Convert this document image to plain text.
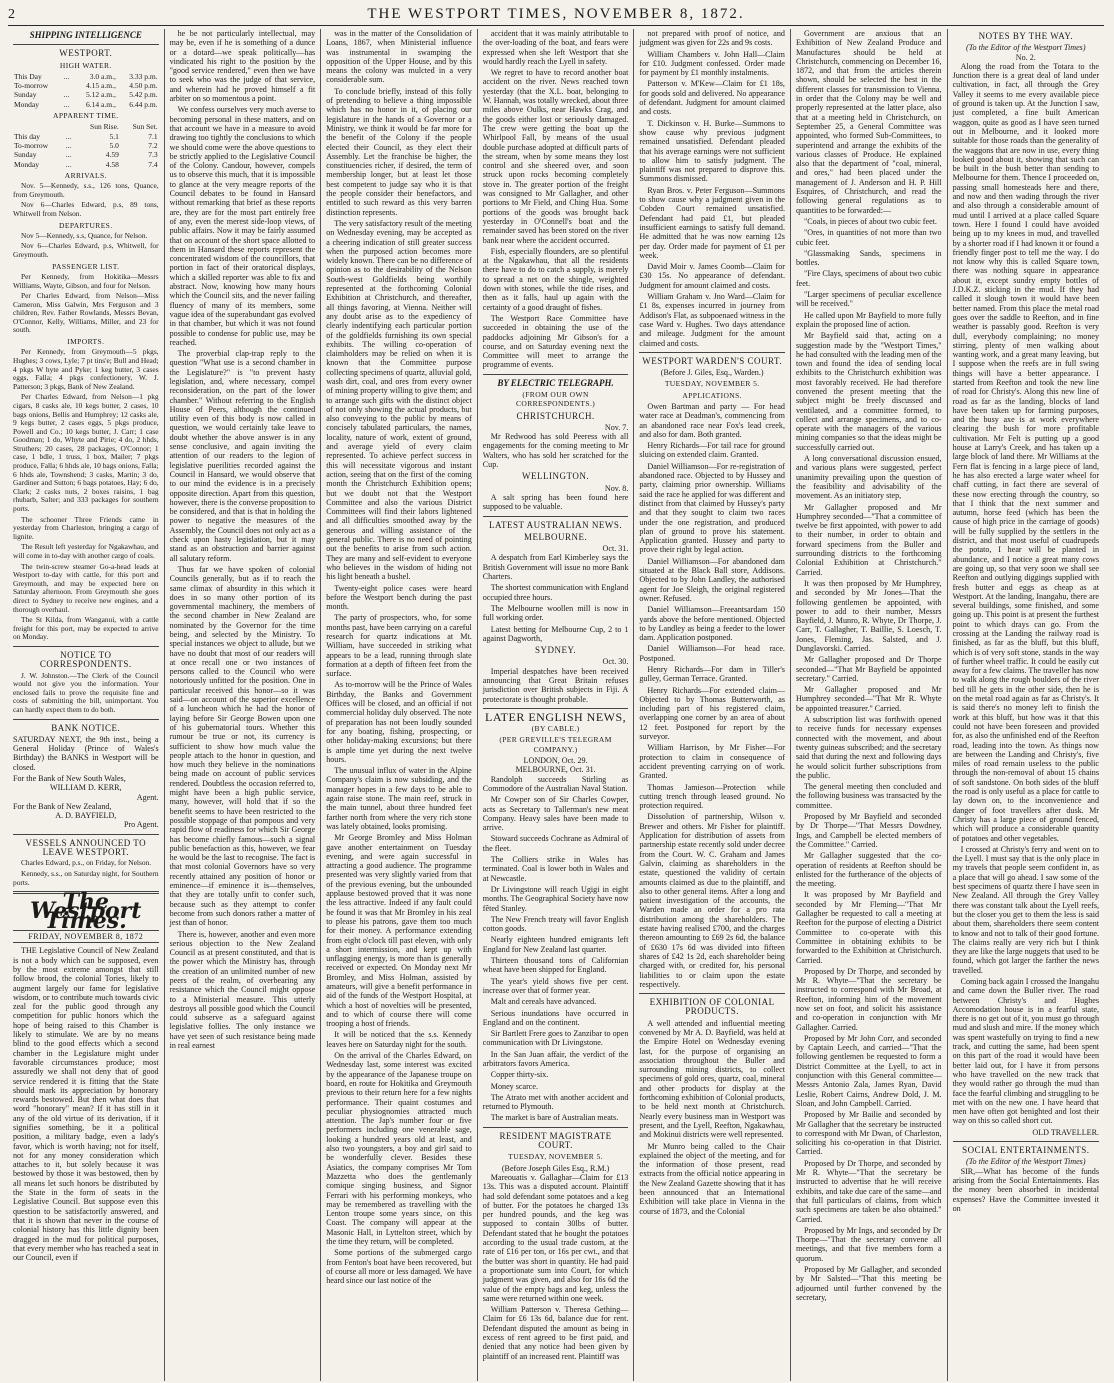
2	THE WESTPORT TIMES, NOVEMBER 8, 1872.
SHIPPING INTELLIGENCE
WESTPORT.
HIGH WATER.
This Day	...	3.0 a.m.,	3.33 p.m.
To-morrow		4.15 a.m.,	4.50 p.m.
Sunday	...	5.12 a.m.,	5.42 p.m.
Monday	...	6.14 a.m.,	6.44 p.m.
APPARENT TIME.
		Sun Rise.	Sun Set.
This day	...	5.1	7.1
To-morrow	...	5.0	7.2
Sunday	...	4.59	7.3
Monday	...	4.58	7.4
ARRIVALS.

Nov. 5—Kennedy, s.s., 126 tons, Quance, from Greymouth.

Nov 6—Charles Edward, p.s, 89 tons, Whitwell from Nelson.

DEPARTURES.

Nov 5—Kennedy, s.s, Quance, for Nelson.

Nov 6—Charles Edward, p.s, Whitwell, for Greymouth.

PASSENGER LIST.

Per Kennedy, from Hokitika—Messrs Williams, Wayte, Gibson, and four for Nelson.

Per Charles Edward, from Nelson—Miss Cameron, Miss Galwin, Mrs Ferguson and 3 children, Rev. Father Rowlands, Messrs Bevan, O'Connor, Kelly, Williams, Miller, and 23 for south.

IMPORTS.

Per Kennedy, from Greymouth—5 pkgs, Hughes; 3 cows, Lyle; 7 pt tins'e; Bull and Head; 4 pkgs W hyte and Pyke; 1 keg butter, 3 cases eggs, Falla; 4 pkgs confectionery, W. J. Patterson; 3 pkgs, Bank of New Zealand.

Per Charles Edward, from Nelson—1 pkg cigars, 8 casks ale, 10 kegs butter, 2 cases, 10 bags onions, Bellis and Humphrey; 12 casks ale, 9 kegs butter, 2 cases eggs, 5 pkgs produce, Powell and Co.; 10 kegs butter, J. Carr; 1 case Goodman; 1 do, Whyte and Pirie; 4 do, 2 hhds, Struthers; 20 cases, 28 packages, O'Connor; 1 case, 1 bdle, 1 truss, 1 box, Mailer; 7 pkgs produce, Falla; 6 hhds ale, 10 bags onions, Falla; 6 hhds ale, Townshend; 3 casks, Martin; 3 do, Gardiner and Sutton; 6 bags potatoes, Hay; 6 do, Clark; 2 casks nuts, 2 boxes raisins, 1 bag rhubarb, Salter; and 333 packages for southern ports.

The schooner Three Friends came in yesterday from Charleston, bringing a cargo of lignite.

The Result left yesterday for Ngakawhau, and will come in to-day with another cargo of coals.

The twin-screw steamer Go-a-head leads at Westport to-day with cattle, for this port and Greymouth, and may be expected here on Saturday afternoon. From Greymouth she goes direct to Sydney to receive new engines, and a thorough overhaul.

The St Kilda, from Wanganui, with a cattle freight for this port, may be expected to arrive on Monday.

NOTICE TO CORRESPONDENTS.

J. W. Johnston.—The Clerk of the Council would not give you the information. Your enclosed fails to prove the requisite fine and costs of submitting the bill, unimportant. You can hardly expect them to do both.

BANK NOTICE.

SATURDAY NEXT, the 9th inst., being a General Holiday (Prince of Wales's Birthday) the BANKS in Westport will be closed.

For the Bank of New South Wales,
WILLIAM D. KERR,
Agent.
For the Bank of New Zealand,
A. D. BAYFIELD,
Pro Agent.
VESSELS ANNOUNCED TO LEAVE WESTPORT.

Charles Edward, p.s., on Friday, for Nelson.

Kennedy, s.s., on Saturday night, for Southern ports.

The Westport Times.
FRIDAY, NOVEMBER 8, 1872

THE Legislative Council of New Zealand is not a body which can be supposed, even by the most extreme amongst that still follow brood, the colonial Tories, likely to augment largely our fame for legislative wisdom, or to contribute much towards civic zeal for the public good through any competition for public honors which the hope of being raised to this Chamber is likely to stimulate. We are by no means blind to the good effects which a second chamber in the Legislature might under favorable circumstances produce; most assuredly we shall not deny that of good service rendered it is fitting that the State should mark its appreciation by honorary rewards bestowed. But then what does that word "honorary" mean? If it has still in it any of the old virtue of its derivation, if it signifies something, be it a political position, a military badge, even a lady's favor, which is worth having; not for itself, not for any money consideration which attaches to it, but solely because it was bestowed by those it was bestowed, then by all means let such honors be distributed by the State in the form of seats in the Legislative Council. But suppose even this question to be satisfactorily answered, and that it is shown that never in the course of colonial history has this little dignity been dragged in the mud for political purposes, that every member who has reached a seat in our Council, even if

he be not particularly intellectual, may may be, even if he is something of a dunce or a dotard—we speak politically—has vindicated his right to the position by the "good service rendered," even then we have to seek who was the judge of that service, and wherein had he proved himself a fit arbiter on so momentous a point.

We confess ourselves very much averse to becoming personal in these matters, and on that account we have in a measure to avoid drawing too tightly the conclusions to which we should come were the above questions to be strictly applied to the Legislative Council of the Colony. Candour, however, compels us to observe this much, that it is impossible to glance at the very meagre reports of the Council debates to be found in Hansard without remarking that brief as these reports are, they are for the most part entirely free of any, even the merest side-loop views, of public affairs. Now it may be fairly assumed that on account of the short space allotted to them in Hansard these reports represent the concentrated wisdom of the councillors, that portion in fact of their oratorical displays, which a skilled reporter was able to fix and abstract. Now, knowing how many hours which the Council sits, and the never failing fluency of many of its members, some vague idea of the superabundant gas evolved in that chamber, but which it was not found possible to condense for public use, may be reached.

The proverbial clap-trap reply to the question "What use is a second chamber in the Legislature?" is "to prevent hasty legislation, and, where necessary, compel reconsideration, on the part of the lower chamber." Without referring to the English House of Peers, although the continued utility even of this body is now called in question, we would certainly take leave to doubt whether the above answer is in any sense conclusive, and again inviting the attention of our readers to the legion of legislative puerilities recorded against the Council in Hansard, we would observe that to our mind the evidence is in a precisely opposite direction. Apart from this question, however, there is the converse proposition to be considered, and that is that in holding the power to negative the measures of the Assembly, the Council does not only act as a check upon hasty legislation, but it may stand as an obstruction and barrier against all salutary reform.

Thus far we have spoken of colonial Councils generally, but as if to reach the same climax of absurdity in this which it does in so many other portion of its governmental machinery, the members of the second chamber in New Zealand are nominated by the Governor for the time being, and selected by the Ministry. To special instances we object to allude, but we have no doubt that most of our readers will at once recall one or two instances of persons called to the Council who were notoriously unfitted for the position. One in particular received this honor—so it was said—on account of the superior excellence of a luncheon which he had the honor of laying before Sir George Bowen upon one of his gubernatorial tours. Whether this rumour be true or not, its currency is sufficient to show how much value the people attach to the honor in question, and how much they believe in the nominations being made on account of public services rendered. Doubtless the occasion referred to, might have been a high public service, many, however, will hold that if so the benefit seems to have been restricted to the possible stoppage of that pompous and very rapid flow of readiness for which Sir George has become chiefly famous—such a signal public benefaction as this, however, we fear he would be the last to recognise. The fact is that most colonial Governors have so very recently attained any position of honor or eminence—if eminence it is—themselves, that they are totally unfit to confer such, because such as they attempt to confer become from such donors rather a matter of jest than of honor.

There is, however, another and even more serious objection to the New Zealand Council as at present constituted, and that is the power which the Ministry has, through the creation of an unlimited number of new peers of the realm, of overbearing any resistance which the Council might oppose to a Ministerial measure. This utterly destroys all possible good which the Council could subserve as a safeguard against legislative follies. The only instance we have yet seen of such resistance being made in real earnest

was in the matter of the Consolidation of Loans, 1867, when Ministerial influence was instrumental in swamping the opposition of the Upper House, and by this means the colony was mulcted in a very considerable sum.

To conclude briefly, instead of this folly of pretending to believe a thing impossible which has no honor in it, of placing our legislature in the hands of a Governor or a Ministry, we think it would be far more for the benefit of the Colony if the people elected their Council, as they elect their Assembly. Let the franchise be higher, the constituencies richer, if desired, the term of membership longer, but at least let those best competent to judge say who it is that the people consider their benefactors, and entitled to such reward as this very barren distinction represents.

The very satisfactory result of the meeting on Wednesday evening, may be accepted as a cheering indication of still greater success when the purposed action becomes more widely known. There can be no difference of opinion as to the desirability of the Nelson South-west Goldfields being worthily represented at the forthcoming Colonial Exhibition at Christchurch, and thereafter, all things favoring, at Vienna. Neither will any doubt arise as to the expediency of clearly indentifying each particular portion of the goldfields furnishing its own special exhibits. The willing co-operation of claimholders may be relied on when it is known that the Committee purpose collecting specimens of quartz, alluvial gold, wash dirt, coal, and ores from every owner of mining property willing to give them; and to arrange such gifts with the distinct object of not only showing the actual products, but also conveying to the public by means of concisely tabulated particulars, the names, locality, nature of work, extent of ground, and average yield of every claim represented. To achieve perfect success in this will necessitate vigorous and instant action, seeing that on the first of the coming month the Christchurch Exhibition opens; but we doubt not that the Westport Committee and also the various District Committees will find their labors lightened and all difficulties smoothed away by the generous and willing assistance of the general public. There is no need of pointing out the benefits to arise from such action. They are many and self-evident to everyone who believes in the wisdom of hiding not his light beneath a bushel.

Twenty-eight police cases were heard before the Westport bench during the past month.

The party of prospectors, who, for some months past, have been carrying on a careful research for quartz indications at Mt. William, have succeeded in striking what appears to be a lead, running through slate formation at a depth of fifteen feet from the surface.

As to-morrow will be the Prince of Wales Birthday, the Banks and Government Offices will be closed, and an official if not commercial holiday duly observed. The note of preparation has not been loudly sounded for any boating, fishing, prospecting, or other holiday-making excursions; but there is ample time yet during the next twelve hours.

The unusual influx of water in the Alpine Company's claim is now subsiding, and the manager hopes in a few days to be able to again raise stone. The main reef, struck in the main tunnel, about three hundred feet farther north from where the very rich stone was lately obtained, looks promising.

Mr George Bromley and Miss Holman gave another entertainment on Tuesday evening, and were again successful in attracting a good audience. The programme presented was very slightly varied from that of the previous evening, but the unbounded applause bestowed proved that it was none the less attractive. Indeed if any fault could be found it was that Mr Bromley in his zeal to please his patrons, gave them too much for their money. A performance extending from eight o'clock till past eleven, with only a short intermission, and kept up with unflagging energy, is more than is generally received or expected. On Monday next Mr Bromley, and Miss Holman, assisted by amateurs, will give a benefit performance in aid of the funds of the Westport Hospital, at which a host of novelties will be presented, and to which of course there will come trooping a host of friends.

It will be noticed that the s.s. Kennedy leaves here on Saturday night for the south.

On the arrival of the Charles Edward, on Wednesday last, some interest was excited by the appearance of the Japanese troupe on board, en route for Hokitika and Greymouth previous to their return here for a few nights performance. Their quaint costumes and peculiar physiognomies attracted much attention. The Jap's number four or five performers including one venerable sage, looking a hundred years old at least, and also two youngsters, a boy and girl said to be wonderfully clever. Besides these Asiatics, the company comprises Mr Tom Mazzetta who does the gentlemanly comique singing business, and Signor Ferrari with his performing monkeys, who may be remembered as travelling with the Lenton troupe some years since, on this Coast. The company will appear at the Masonic Hall, in Lyttelton street, which by the time they return, will be completed.

Some portions of the submerged cargo from Fenton's boat have been recovered, but of course all more or less damaged. We have heard since our last notice of the

accident that it was mainly attributable to the over-loading of the boat, and fears were expressed when she left Westport that she would hardly reach the Lyell in safety.

We regret to have to record another boat accident on the river. News reached town yesterday (that the X.L. boat, belonging to W. Hannah, was totally wrecked, about three miles above Oulks, near Hawks Crag, and the goods either lost or seriously damaged. The crew were getting the boat up the Whirlpool Fall, by means of the usual double purchase adopted at difficult parts of the stream, when by some means they lost control and she sheered over, and soon struck upon rocks becoming completely stove in. The greater portion of the freight was consigned to Mr Gallagher, and other portions to Mr Field, and Ching Hua. Some portions of the goods was brought back yesterday in O'Connell's boat and the remainder saved has been stored on the river bank near where the accident occurred.

Fish, especially flounders, are so plentiful at the Ngakawhau, that all the residents there have to do to catch a supply, is merely to spread a net on the shingle, weighted down with stones, while the tide rises, and then as it falls, haul up again with the certainty of a good draught of fishes.

The Westport Race Committee have succeeded in obtaining the use of the paddocks adjoining Mr Gibson's for a course, and on Saturday evening next the Committee will meet to arrange the programme of events.

BY ELECTRIC TELEGRAPH.
(FROM OUR OWN CORRESPONDENTS.)
CHRISTCHURCH.
Nov. 7.

Mr Redwood has sold Peeress with all engagements for the coming meeting to Mr Walters, who has sold her scratched for the Cup.

WELLINGTON.
Nov. 8.

A salt spring has been found here supposed to be valuable.

LATEST AUSTRALIAN NEWS.
MELBOURNE.
Oct. 31.

A despatch from Earl Kimberley says the British Government will issue no more Bank Charters.

The shortest communication with England occupied three hours.

The Melbourne woollen mill is now in full working order.

Latest betting for Melbourne Cup, 2 to 1 against Dagworth,

SYDNEY.
Oct. 30.

Imperial despatches have been received announcing that Great Britain refuses jurisdiction over British subjects in Fiji. A protectorate is thought probable.

LATER ENGLISH NEWS,
(BY CABLE.)
(PER GREVILLE'S TELEGRAM COMPANY.)
LONDON, Oct. 29.
MELBOURNE, Oct. 31.

Randolph succeeds Stirling as Commodore of the Australian Naval Station.

Mr Cowper son of Sir Charles Cowper, acts as Secretary to Tallerman's new meat Company. Heavy sales have been made to arrive.

Stoward succeeds Cochrane as Admiral of the fleet.

The Colliers strike in Wales has terminated. Coal is lower both in Wales and at Newcastle.

Dr Livingstone will reach Ugigi in eight months. The Geographical Society have now fêted Stanley.

The New French treaty will favor English cotton goods.

Nearly eighteen hundred emigrants left England for New Zealand last quarter.

Thirteen thousand tons of Californian wheat have been shipped for England.

The year's yield shows five per cent. increase over that of former year.

Malt and cereals have advanced.

Serious inundations have occurred in England and on the continent.

Sir Bartlett Frere goes to Zanzibar to open communication with Dr Livingstone.

In the San Juan affair, the verdict of the arbitrators favors America.

Copper thirty-six.

Money scarce.

The Atrato met with another accident and returned to Plymouth.

The market is bare of Australian meats.

RESIDENT MAGISTRATE COURT.
TUESDAY, NOVEMBER 5.
(Before Joseph Giles Esq., R.M.)

Mareouatis v. Gallaghar—Claim for £13 13s. This was a disputed account. Plaintiff had sold defendant some potatoes and a keg of butter. For the potatoes he charged 13s per hundred pounds, and the keg was supposed to contain 30lbs of butter. Defendant stated that he bought the potatoes according to the usual trade custom, at the rate of £16 per ton, or 16s per cwt., and that the butter was short in quantity. He had paid a proportionate sum into Court, for which judgment was given, and also for 16s 6d the value of the empty bags and keg, unless the same were returned within one week.

William Patterson v. Theresa Gething—Claim for £6 13s 6d, balance due for rent. Defendant disputed the amount as being in excess of rent agreed to be first paid, and denied that any notice had been given by plaintiff of an increased rent. Plaintiff was

not prepared with proof of notice, and judgment was given for 22s and 9s costs.

William Chambers v. John Hall—Claim for £10. Judgment confessed. Order made for payment by £1 monthly instalments.

Patterson v. M'Kew—Claim for £1 18s, for goods sold and delivered. No appearance of defendant. Judgment for amount claimed and costs.

T. Dickinson v. H. Burke—Summons to show cause why previous judgment remained unsatisfied. Defendant pleaded that his average earnings were not sufficient to allow him to satisfy judgment. The plaintiff was not prepared to disprove this. Summons dismissed.

Ryan Bros. v. Peter Ferguson—Summons to show cause why a judgment given in the Cobden Court remained unsatisfied. Defendant had paid £1, but pleaded insufficient earnings to satisfy full demand. He admitted that he was now earning 12s per day. Order made for payment of £1 per week.

David Moir v. James Coomb—Claim for £30 15s. No appearance of defendant. Judgment for amount claimed and costs.

William Graham v. Jno Ward—Claim for £1 8s, expenses incurred in journey from Addison's Flat, as subpoenaed witness in the case Ward v. Hughes. Two days attendance and mileage. Judgment for the amount claimed and costs.

WESTPORT WARDEN'S COURT.
(Before J. Giles, Esq., Warden.)
TUESDAY, NOVEMBER 5.
APPLICATIONS.

Owen Bartman and party — For head water race at Deadman's, commencing from an abandoned race near Fox's lead creek, and also for dam. Both granted.

Henry Richards—For tail race for ground sluicing on extended claim. Granted.

Daniel Williamson—For re-registration of abandoned race. Objected to by Hussey and party, claiming prior ownership. Williams said the race he applied for was different and distinct from that claimed by Hussey's party and that they sought to claim two races under the one registration, and produced plan of ground to prove his statement. Application granted. Hussey and party to prove their right by legal action.

Daniel Williamson—For abandoned dam situated at the Black Ball store, Addisons. Objected to by John Landley, the authorised agent for Joe Sleigh, the original registered owner. Refused.

Daniel Williamson—Freeantsardam 150 yards above the before mentioned. Objected to by Landley as being a feeder to the lower dam. Application postponed.

Daniel Williamson—For head race. Postponed.

Henry Richards—For dam in Tiller's gulley, German Terrace. Granted.

Henry Richards—For extended claim—Objected to by Thomas Butterworth, as including part of his registered claim, overlapping one corner by an area of about 12 feet. Postponed for report by the surveyor.

William Harrison, by Mr Fisher—For protection to claim in consequence of accident preventing carrying on of work. Granted.

Thomas Jamieson—Protection while cutting trench through leased ground. No protection required.

Dissolution of partnership, Wilson v. Brewer and others. Mr Fisher for plaintiff. Application for distribution of assets from partnership estate recently sold under decree from the Court. W. C. Graham and James Galvin, claiming as shareholders in the estate, questioned the validity of certain amounts claimed as due to the plaintiff, and also to other general items. After a long and patient investigation of the accounts, the Warden made an order for a pro rata distribution among the shareholders. The estate having realised £700, and the charges thereon amounting to £69 2s 6d, the balance of £630 17s 6d was divided into fifteen shares of £42 1s 2d, each shareholder being charged with, or credited for, his personal liabilities to or claim upon the estate respectively.

EXHIBITION OF COLONIAL PRODUCTS.

A well attended and influential meeting convened by Mr A. D. Bayfield, was held at the Empire Hotel on Wednesday evening last, for the purpose of organising an association throughout the Buller and surrounding mining districts, to collect specimens of gold ores, quartz, coal, mineral and other products for display at the forthcoming exhibition of Colonial products, to be held next month at Christchurch. Nearly every business man in Westport was present, and the Lyell, Reefton, Ngakawhau, and Mokinui districts were well represented.

Mr Munro being called to the Chair explained the object of the meeting, and for the information of those present, read extracts from the official notice appearing in the New Zealand Gazette showing that it has been announced that an International Exhibition will take place in Vienna in the course of 1873, and the Colonial

Government are anxious that an Exhibition of New Zealand Produce and Manufactures should be held at Christchurch, commencing on December 16, 1872, and that from the articles therein shown, should be selected the best in the different classes for transmission to Vienna, in order that the Colony may be well and properly represented at the latter place, also that at a meeting held in Christchurch, on September 25, a General Committee was appointed, who formed Sub-Committees, to superintend and arrange the exhibits of the various classes of Produce. He explained also that the department of "coal, mineral, and ores," had been placed under the management of J. Anderson and H. P. Hill Esquires, of Christchurch, and read the following general regulations as to quantities to be forwarded:—

"Coals, in pieces of about two cubic feet.

"Ores, in quantities of not more than two cubic feet.

"Glassmaking Sands, specimens in bottles.

"Fire Clays, specimens of about two cubic feet.

"Larger specimens of peculiar excellence will be received."

He called upon Mr Bayfield to more fully explain the proposed line of action.

Mr Bayfield said that, acting on a suggestion made by the "Westport Times," he had consulted with the leading men of the town and found the idea of sending local exhibits to the Christchurch exhibition was most favorably received. He had therefore convened the present meeting that the subject might be freely discussed and ventilated, and a committee formed, to collect and arrange specimens, and to co-operate with the managers of the various mining companies so that the ideas might be successfully carried out.

A long conversational discussion ensued, and various plans were suggested, perfect unanimity prevailing upon the question of the feasibility and advisability of the movement. As an initiatory step,

Mr Gallagher proposed and Mr Humphrey seconded—"That a committee of twelve be first appointed, with power to add to their number, in order to obtain and forward specimens from the Buller and surrounding districts to the forthcoming Colonial Exhibition at Christchurch." Carried.

It was then proposed by Mr Humphrey, and seconded by Mr Jones—That the following gentlemen be appointed, with power to add to their number, Messrs Bayfield, J. Munro, R. Whyte, Dr Thorpe, J. Carr, T. Gallagher, T. Baillie, S. Loesch, T. Jones, Fleming, Jas. Salsted, and J. Dunglavorski. Carried.

Mr Gallagher proposed and Dr Thorpe seconded—"That Mr Bayfield be appointed secretary." Carried.

Mr Gallagher proposed and Mr Humphrey seconded—"That Mr R. Whyte be appointed treasurer." Carried.

A subscription list was forthwith opened to receive funds for necessary expenses connected with the movement, and about twenty guineas subscribed; and the secretary said that during the next and following days he would solicit further subscriptions from the public.

The general meeting then concluded and the following business was transacted by the committee.

Proposed by Mr Bayfield and seconded by Dr Thorpe—"That Messrs Dowdney, Ings, and Campbell be elected members of the Committee." Carried.

Mr Gallagher suggested that the co-operation of residents at Reefton should be enlisted for the furtherance of the objects of the meeting.

It was proposed by Mr Bayfield and seconded by Mr Fleming—"That Mr Gallagher be requested to call a meeting at Reefton for the purpose of electing a District Committee to co-operate with this Committee in obtaining exhibits to be forwarded to the Exhibition at Christchurch. Carried.

Proposed by Dr Thorpe, and seconded by Mr R. Whyte—"That the secretary be instructed to correspond with Mr Broad, at Reefton, informing him of the movement now set on foot, and solicit his assistance and co-operation in conjunction with Mr Gallagher. Carried.

Proposed by Mr John Corr, and seconded by Captain Leech, and carried—"That the following gentlemen be requested to form a District Committee at the Lyell, to act in conjunction with this General committee—Messrs Antonio Zala, James Ryan, David Leslie, Robert Cairns, Andrew Dold, J. M. Sloan, and John Campbell. Carried.

Proposed by Mr Bailie and seconded by Mr Gallagher that the secretary be instructed to correspond with Mr Dwan, of Charleston, soliciting his co-operation in that District. Carried.

Proposed by Dr Thorpe, and seconded by Mr R. Whyte—"That the secretary be instructed to advertise that he will receive exhibits, and take due care of the same—and that full particulars of claims, from which such specimens are taken be also obtained." Carried.

Proposed by Mr Ings, and seconded by Dr Thorpe—"That the secretary convene all meetings, and that five members form a quorum.

Proposed by Mr Gallagher, and seconded by Mr Salsted—"That this meeting be adjourned until further convened by the secretary,

NOTES BY THE WAY.
(To the Editor of the Westport Times)
No. 2.

Along the road from the Totara to the Junction there is a great deal of land under cultivation, in fact, all through the Grey Valley it seems to me every available piece of ground is taken up. At the Junction I saw, just completed, a fine built American waggon, quite as good as I have seen turned out in Melbourne, and it looked more suitable for those roads than the generality of the waggons that are now in use, every thing looked good about it, showing that such can be built in the bush better than sending to Melbourne for them. Thence I proceeded on, passing small homesteads here and there, and now and then wading through the river and also through a considerable amount of mud until I arrived at a place called Square town. Here I found I could have avoided being up to my knees in mud, and travelled by a shorter road if I had known it or found a friendly finger post to tell me the way. I do not know why this is called Square town, there was nothing square in appearance about it, except sundry empty bottles of J.D.K.Z. sticking in the mud. If they had called it slough town it would have been better named. From this place the metal road goes over the saddle to Reefton, and in fine weather is passably good. Reefton is very dull, everybody complaining; no money stirring, plenty of men walking about wanting work, and a great many leaving, but I suppose when the reefs are in full swing things will have a better appearance. I started from Reefton and took the new line of road for Christy's. Along this new line of road as far as the landing, blocks of land have been taken up for farming purposes, and the busy axe is at work everywhere clearing the bush for more profitable cultivation. Mr Felt is putting up a good house at Larry's Creek, and has taken up a large block of land there. Mr Williams at the Fern flat is fencing in a large piece of land, he has also erected a large water wheel for chaff cutting, in fact there are several of these now erecting through the country, so that I think that the next summer and autumn, horse feed (which has been the cause of high price in the carriage of goods) will be fully supplied by the settlers in the district, and that most useful of cuadrupeds the potato, I hear will be planted in abundance, and I notice a great many cows are going up, so that very soon we shall see Reefton and outlying diggings supplied with fresh butter and eggs as cheap as at Westport. At the landing, Inangahu, there are several buildings, some finished, and some going up. This point is at present the furthest point to which drays can go. From the crossing at the Landing the railway road is finished, as far as the bluff, but this bluff, which is of very soft stone, stands in the way of further wheel traffic. It could be easily cut away for a few claims. The traveller has now to walk along the rough boulders of the river bed till he gets in the other side, then he is on the metal road again as far as Christy's. It is said there's no money left to finish the work at this bluff, but how was it that this could not have been foreseen and provided for, as also the unfinished end of the Reefton road, leading into the town. As things now are between the Landing and Christy's, five miles of road remain useless to the public through the non-removal of about 15 chains of soft sandstone. On both sides of the bluff the road is only useful as a place for cattle to lay down on, to the inconvenience and danger of foot travellers after dusk. Mr Christy has a large piece of ground fenced, which will produce a considerable quantity of potatoes and other vegetables.

I crossed at Christy's ferry and went on to the Lyell. I must say that is the only place in my travels that people seem confident in, as a place that will go ahead. I saw some of the best specimens of quartz there I have seen in New Zealand. All through the Grey Valley there was constant talk about the Lyell reefs, but the closer you get to them the less is said about them, shareholders there seem content to know and not to talk of their good fortune. The claims really are very rich but I think they are like the large nuggets that used to be found, which got larger the farther the news travelled.

Coming back again I crossed the Inangahu and came down the Buller river. The road between Christy's and Hughes Accomodation house is in a fearful state, there is no get out of it, you must go through mud and slush and mire. If the money which was spent wastefully on trying to find a new track, and cutting the same, had been spent on this part of the road it would have been better laid out, for I have it from persons who have travelled on the new track that they would rather go through the mud than face the fearful climbing and struggling to be met with on the new one. I have heard that men have often got benighted and lost their way on this so called short cut.

OLD TRAVELLER.
SOCIAL ENTERTAINMENTS.
(To the Editor of the Westport Times)

SIR,—What has become of the funds arising from the Social Entertainments. Has the money been absorbed in incidental expenses? Have the Committee invested it on
